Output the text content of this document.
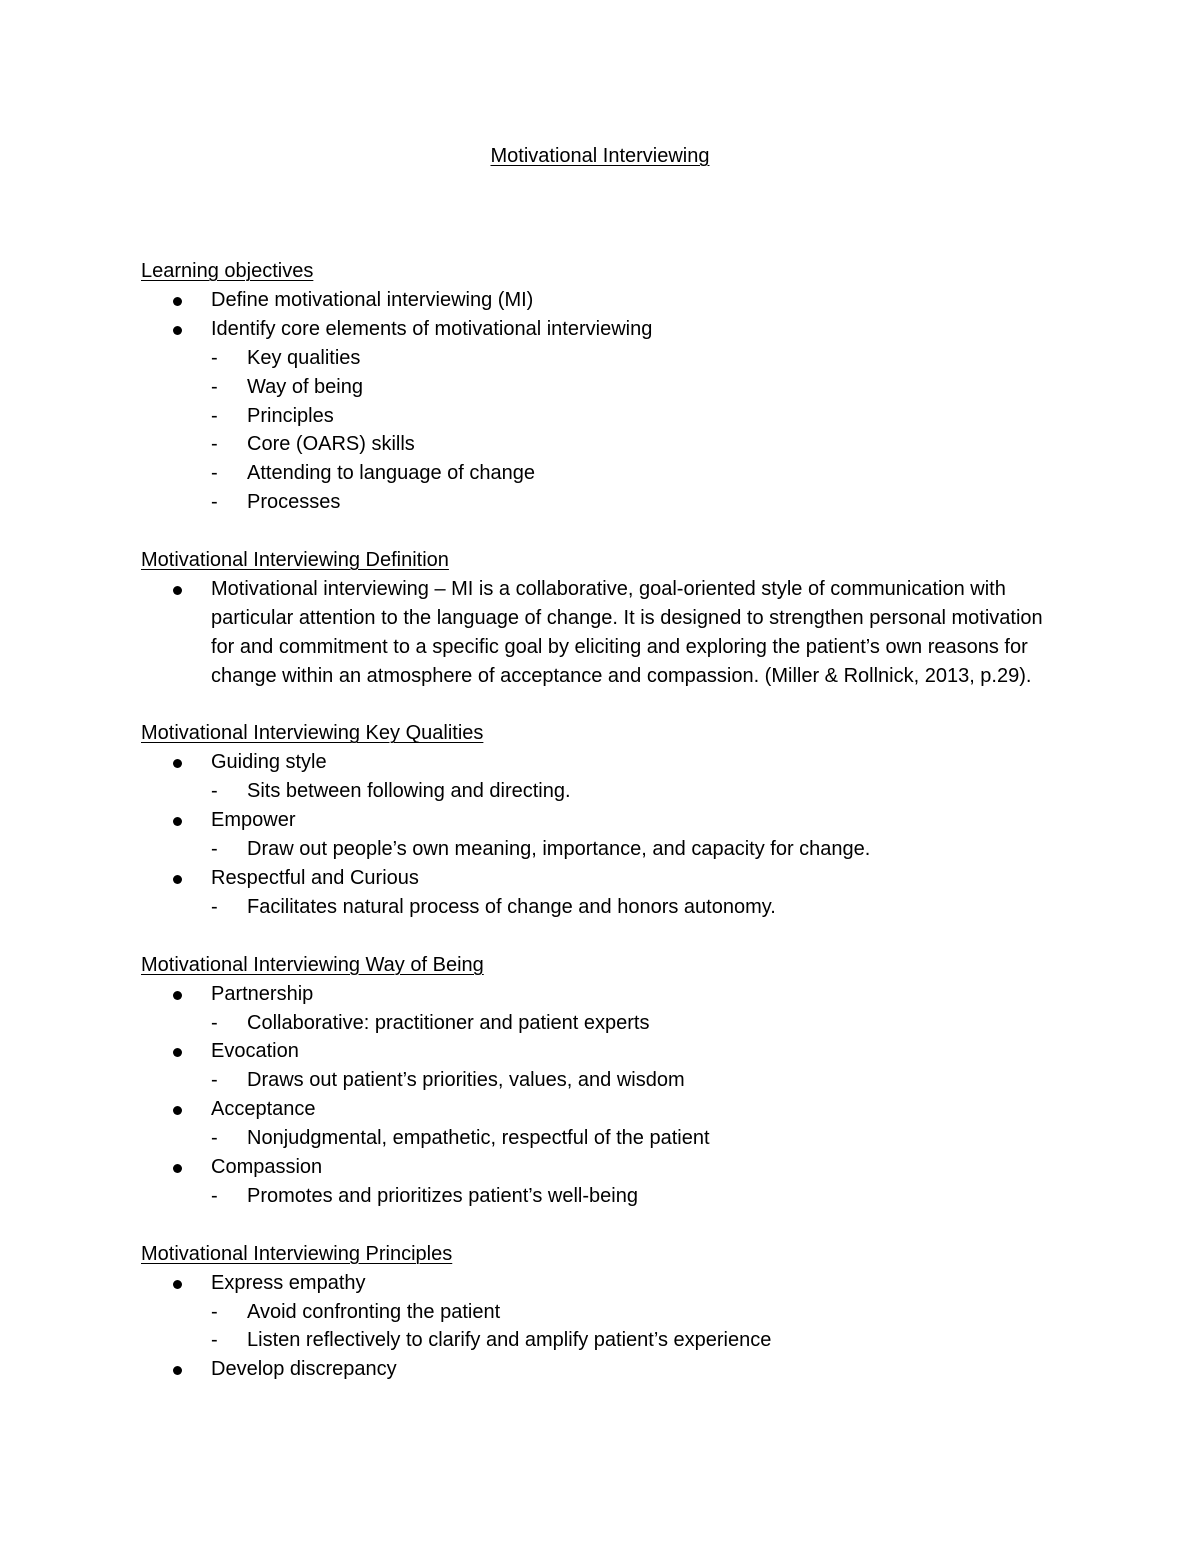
Motivational Interviewing
Learning objectives
Define motivational interviewing (MI)
Identify core elements of motivational interviewing
- Key qualities
- Way of being
- Principles
- Core (OARS) skills
- Attending to language of change
- Processes
Motivational Interviewing Definition
Motivational interviewing – MI is a collaborative, goal-oriented style of communication with particular attention to the language of change. It is designed to strengthen personal motivation for and commitment to a specific goal by eliciting and exploring the patient’s own reasons for change within an atmosphere of acceptance and compassion. (Miller & Rollnick, 2013, p.29).
Motivational Interviewing Key Qualities
Guiding style
- Sits between following and directing.
Empower
- Draw out people’s own meaning, importance, and capacity for change.
Respectful and Curious
- Facilitates natural process of change and honors autonomy.
Motivational Interviewing Way of Being
Partnership
- Collaborative: practitioner and patient experts
Evocation
- Draws out patient’s priorities, values, and wisdom
Acceptance
- Nonjudgmental, empathetic, respectful of the patient
Compassion
- Promotes and prioritizes patient’s well-being
Motivational Interviewing Principles
Express empathy
- Avoid confronting the patient
- Listen reflectively to clarify and amplify patient’s experience
Develop discrepancy
